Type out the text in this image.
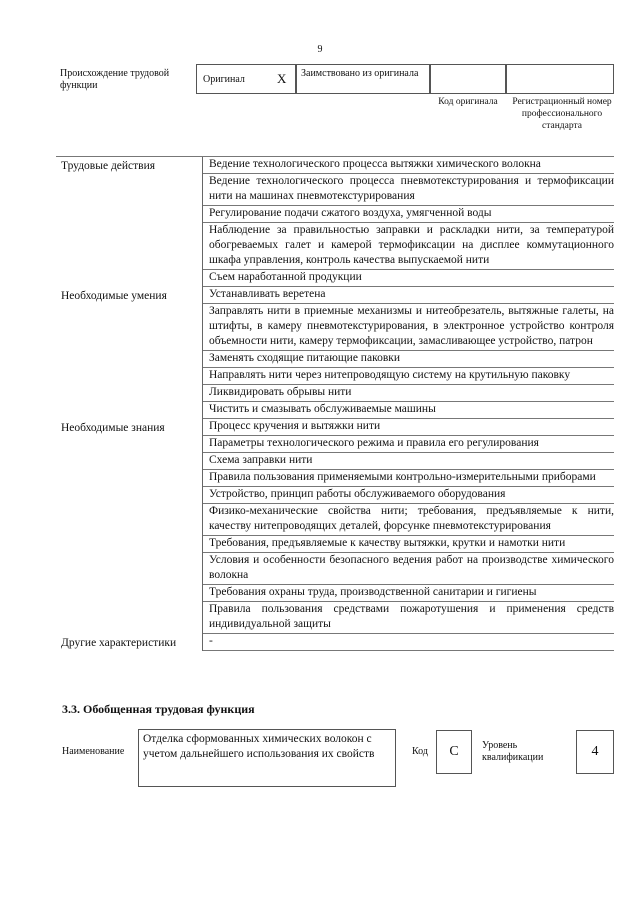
9
Происхождение трудовой функции
Оригинал X Заимствовано из оригинала
Код оригинала	Регистрационный номер профессионального стандарта
Трудовые действия	Ведение технологического процесса вытяжки химического волокна
Ведение технологического процесса пневмотекстурирования и термофиксации нити на машинах пневмотекстурирования
Регулирование подачи сжатого воздуха, умягченной воды
Наблюдение за правильностью заправки и раскладки нити, за температурой обогреваемых галет и камерой термофиксации на дисплее коммутационного шкафа управления, контроль качества выпускаемой нити
Съем наработанной продукции
Необходимые умения	Устанавливать веретена
Заправлять нити в приемные механизмы и нитеобрезатель, вытяжные галеты, на штифты, в камеру пневмотекстурирования, в электронное устройство контроля объемности нити, камеру термофиксации, замасливающее устройство, патрон
Заменять сходящие питающие паковки
Направлять нити через нитепроводящую систему на крутильную паковку
Ликвидировать обрывы нити
Чистить и смазывать обслуживаемые машины
Необходимые знания	Процесс кручения и вытяжки нити
Параметры технологического режима и правила его регулирования
Схема заправки нити
Правила пользования применяемыми контрольно-измерительными приборами
Устройство, принцип работы обслуживаемого оборудования
Физико-механические свойства нити; требования, предъявляемые к нити, качеству нитепроводящих деталей, форсунке пневмотекстурирования
Требования, предъявляемые к качеству вытяжки, крутки и намотки нити
Условия и особенности безопасного ведения работ на производстве химического волокна
Требования охраны труда, производственной санитарии и гигиены
Правила пользования средствами пожаротушения и применения средств индивидуальной защиты
Другие характеристики	-
3.3. Обобщенная трудовая функция
Наименование
Отделка сформованных химических волокон с учетом дальнейшего использования их свойств	Код	C	Уровень квалификации	4
